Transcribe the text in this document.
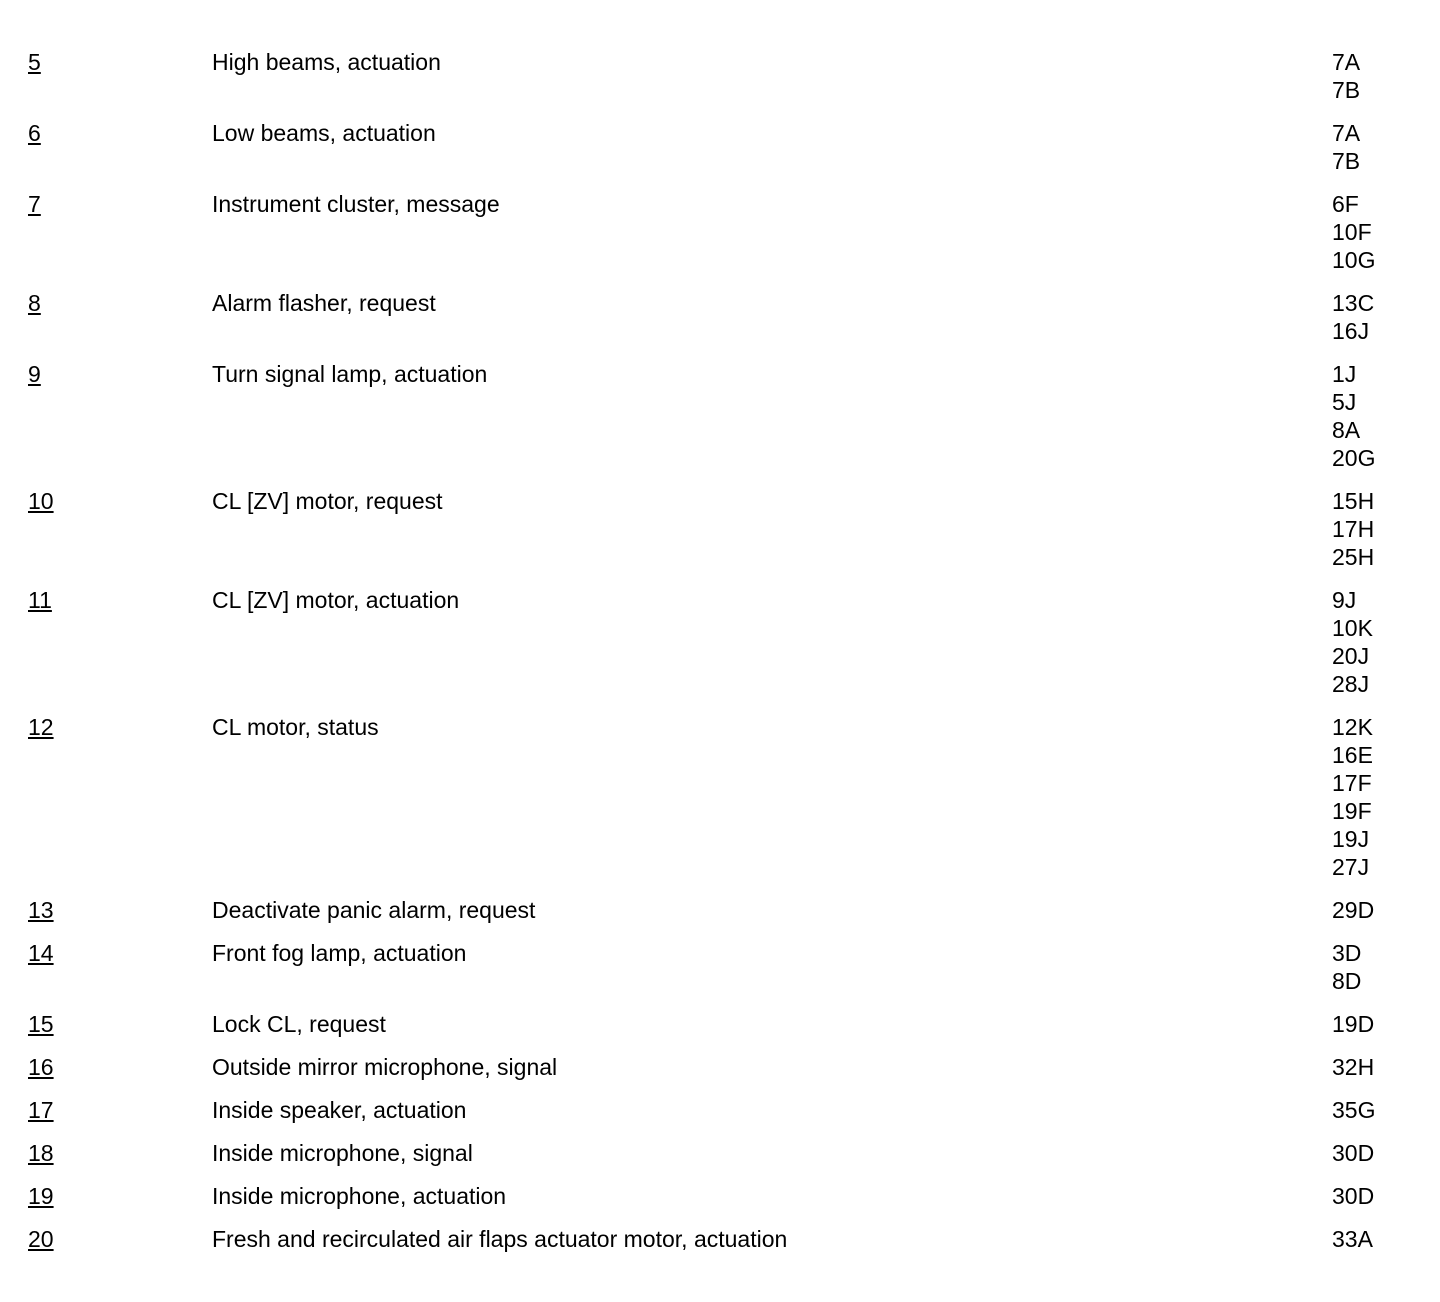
5	High beams, actuation	7A
7B
6	Low beams, actuation	7A
7B
7	Instrument cluster, message	6F
10F
10G
8	Alarm flasher, request	13C
16J
9	Turn signal lamp, actuation	1J
5J
8A
20G
10	CL [ZV] motor, request	15H
17H
25H
11	CL [ZV] motor, actuation	9J
10K
20J
28J
12	CL motor, status	12K
16E
17F
19F
19J
27J
13	Deactivate panic alarm, request	29D
14	Front fog lamp, actuation	3D
8D
15	Lock CL, request	19D
16	Outside mirror microphone, signal	32H
17	Inside speaker, actuation	35G
18	Inside microphone, signal	30D
19	Inside microphone, actuation	30D
20	Fresh and recirculated air flaps actuator motor, actuation	33A
